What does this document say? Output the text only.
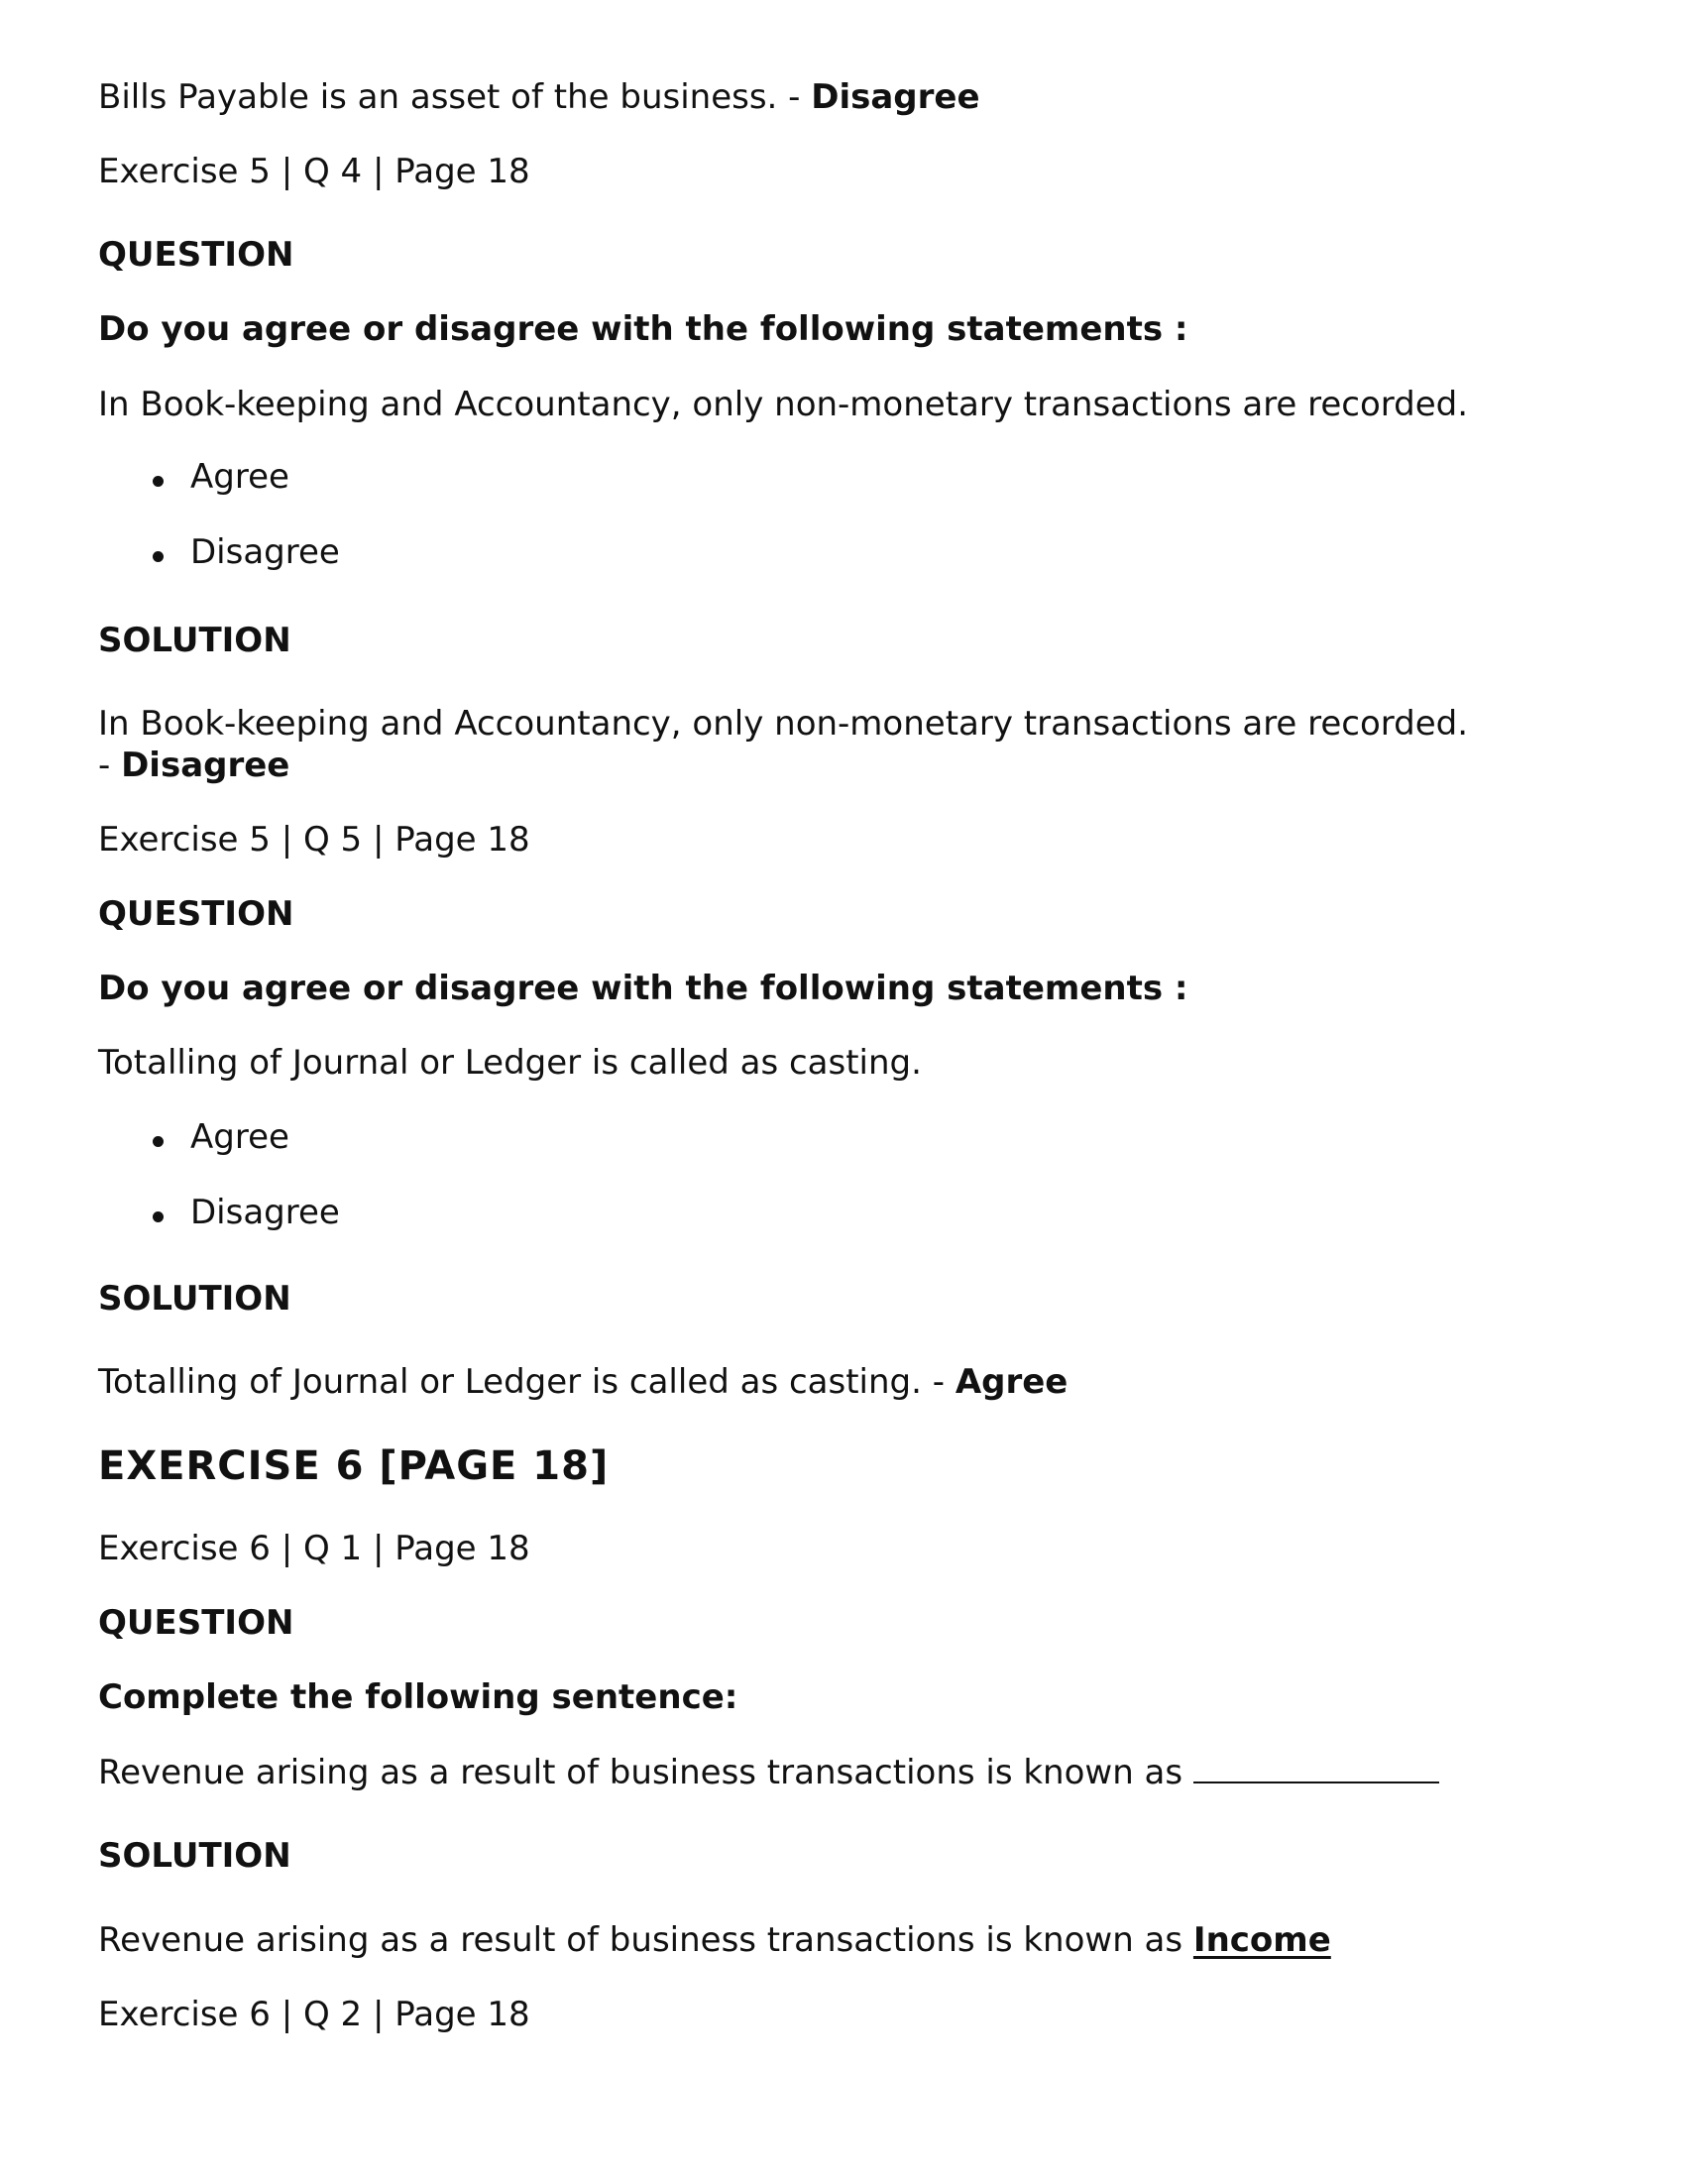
Bills Payable is an asset of the business. - Disagree

Exercise 5 | Q 4 | Page 18

QUESTION

Do you agree or disagree with the following statements :

In Book-keeping and Accountancy, only non-monetary transactions are recorded.

Agree
Disagree

SOLUTION

In Book-keeping and Accountancy, only non-monetary transactions are recorded.

- Disagree

Exercise 5 | Q 5 | Page 18

QUESTION

Do you agree or disagree with the following statements :

Totalling of Journal or Ledger is called as casting.

Agree
Disagree

SOLUTION

Totalling of Journal or Ledger is called as casting. - Agree

EXERCISE 6 [PAGE 18]

Exercise 6 | Q 1 | Page 18

QUESTION

Complete the following sentence:

Revenue arising as a result of business transactions is known as

SOLUTION

Revenue arising as a result of business transactions is known as Income

Exercise 6 | Q 2 | Page 18
